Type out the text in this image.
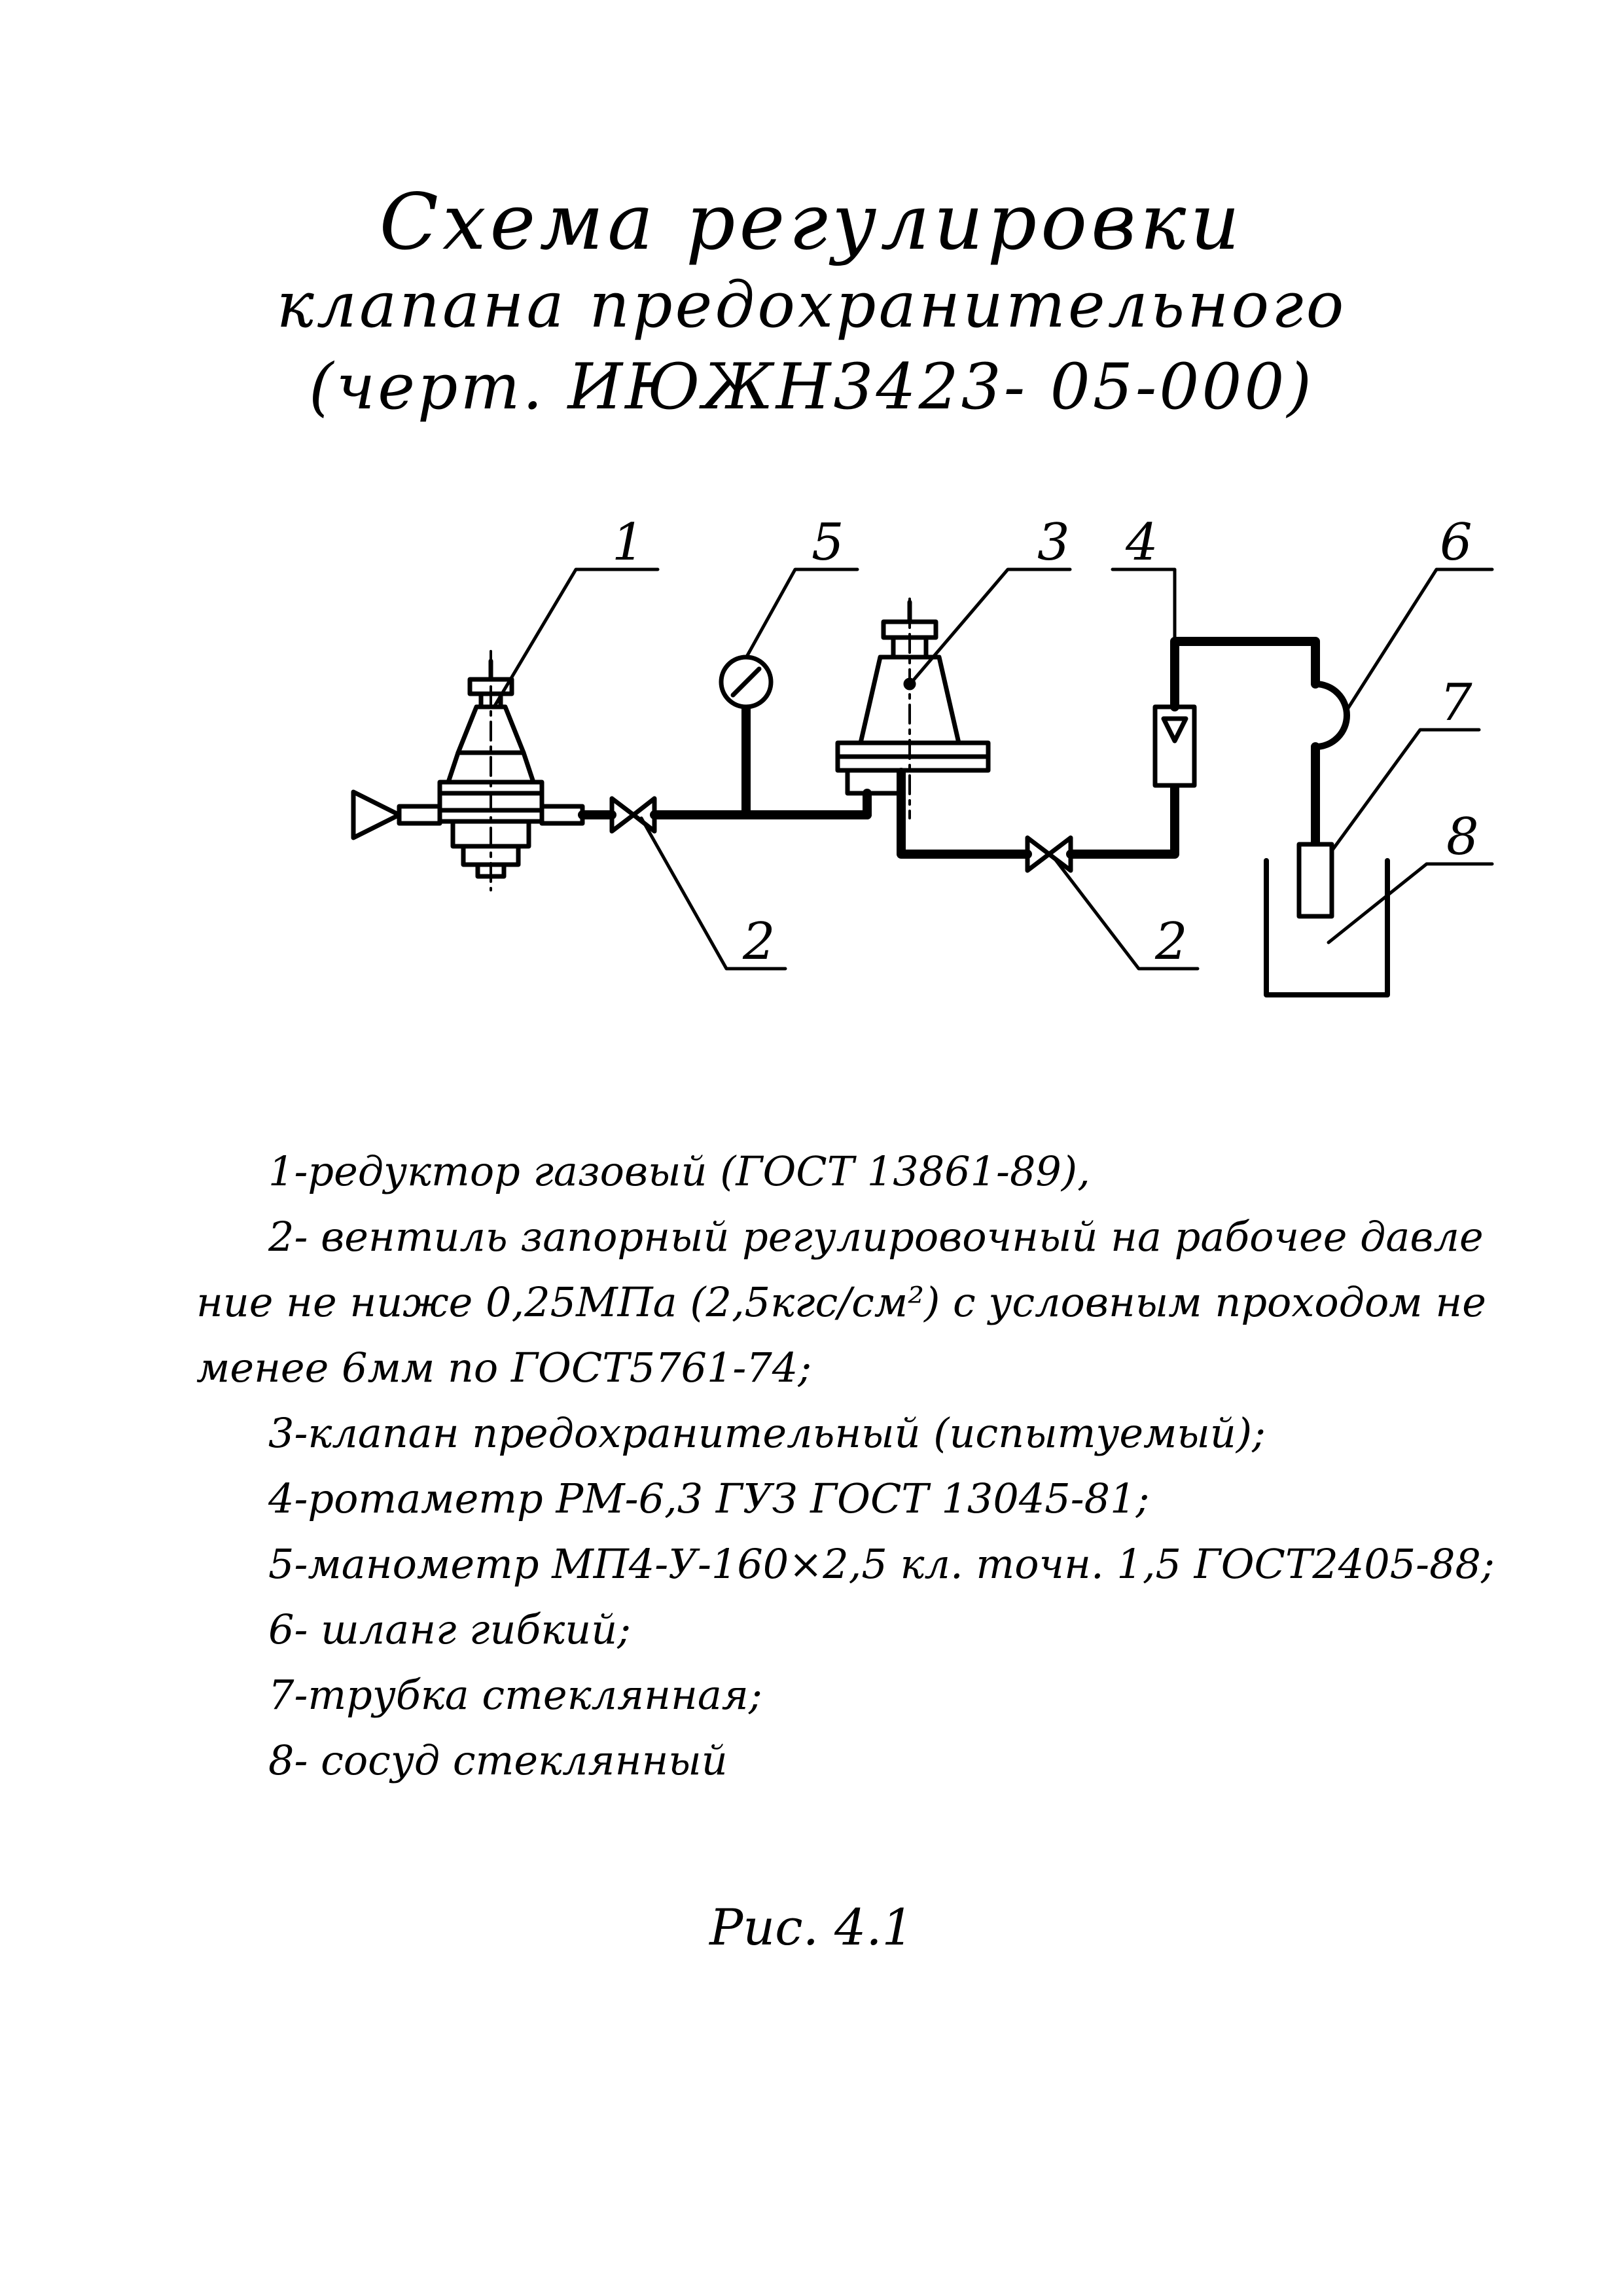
Схема регулировки
клапана предохранительного
(черт. ИЮЖН3423- 05-000)
1
2	2
3 4
5	6
7
8
1-редуктор газовый (ГОСТ 13861-89),
2- вентиль запорный регулировочный на рабочее давле
ние не ниже 0,25МПа (2,5кгс/см²) с условным проходом не
менее 6мм по ГОСТ5761-74;
3-клапан предохранительный (испытуемый);
4-ротаметр РМ-6,3 ГУЗ ГОСТ 13045-81;
5-манометр МП4-У-160×2,5 кл. точн. 1,5 ГОСТ2405-88;
6- шланг гибкий;
7-трубка стеклянная;
8- сосуд стеклянный
Рис. 4.1
